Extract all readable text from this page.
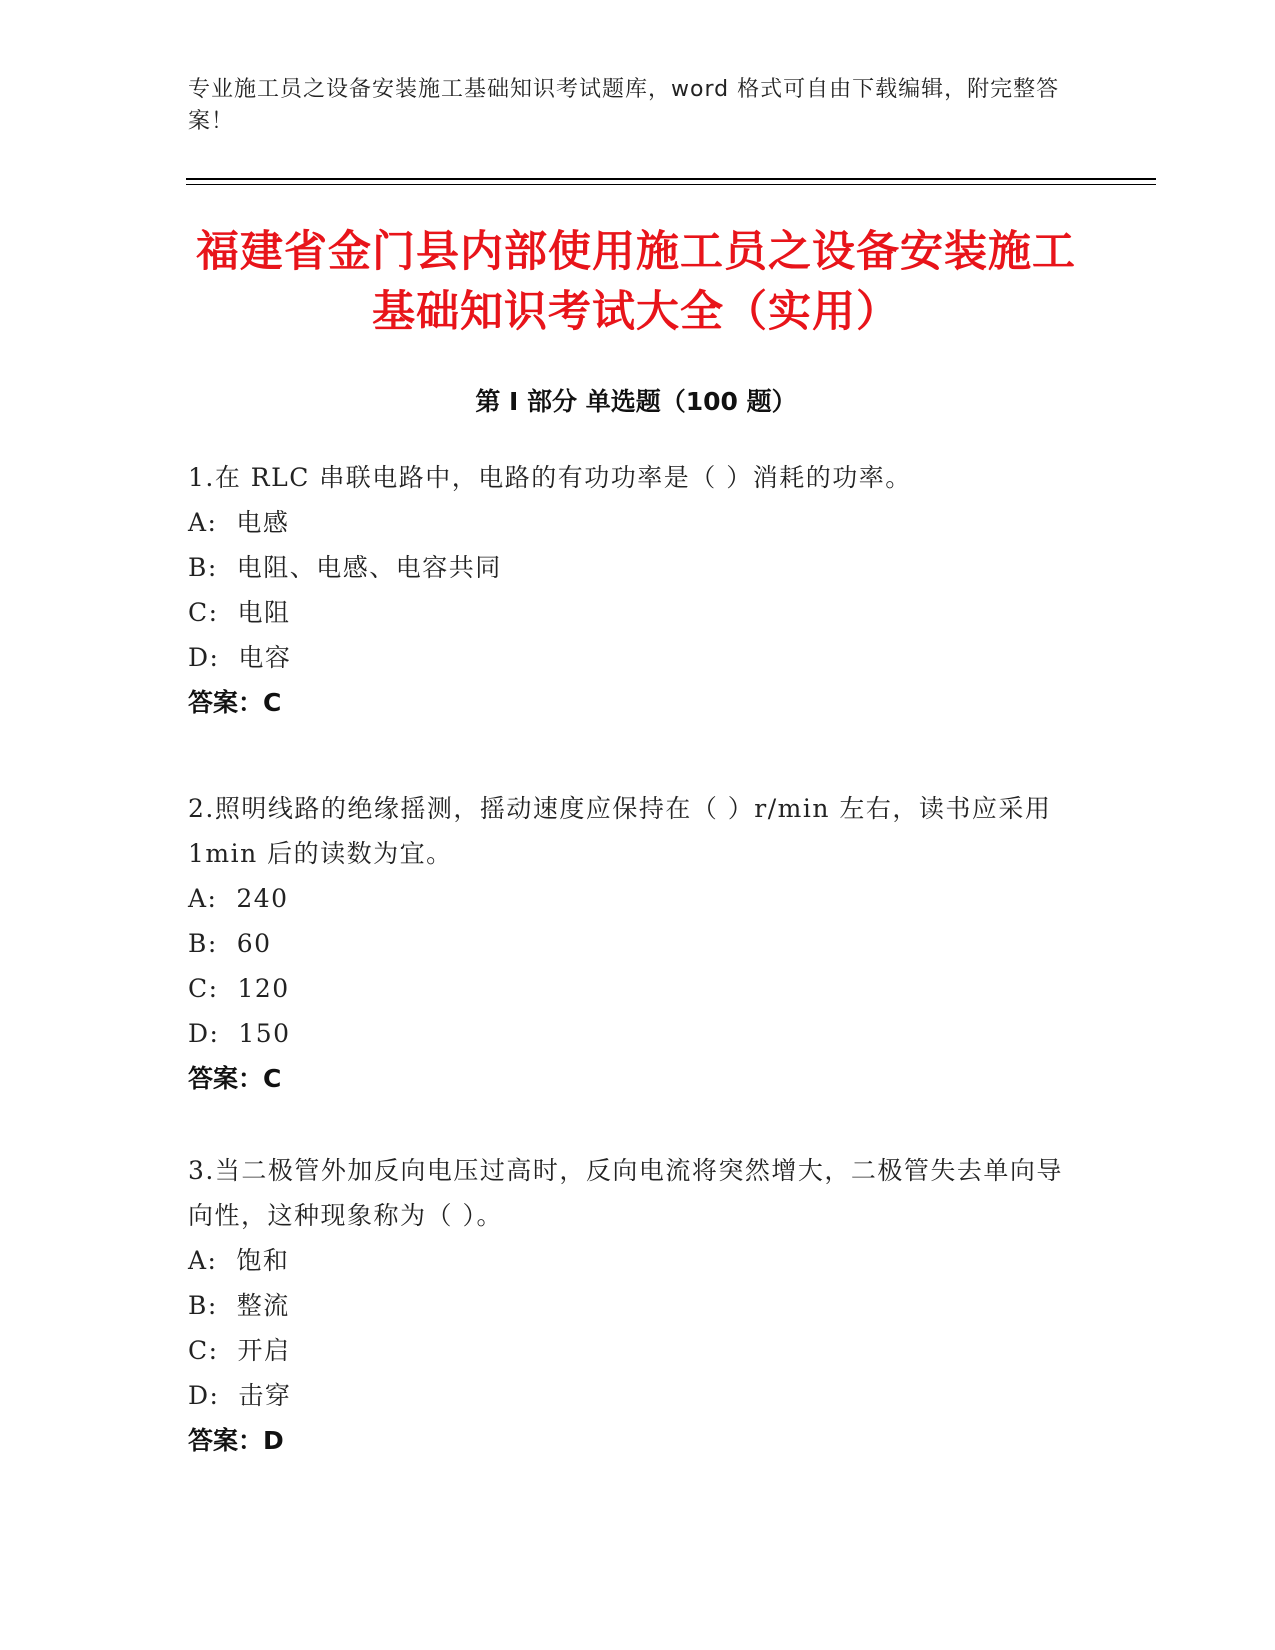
专业施工员之设备安装施工基础知识考试题库，word 格式可自由下载编辑，附完整答案！
福建省金门县内部使用施工员之设备安装施工基础知识考试大全（实用）
第 I 部分 单选题（100 题）
1.在 RLC 串联电路中，电路的有功功率是（ ）消耗的功率。
A:  电感
B:  电阻、电感、电容共同
C:  电阻
D:  电容
答案：C
2.照明线路的绝缘摇测，摇动速度应保持在（ ）r/min 左右，读书应采用 1min 后的读数为宜。
A:  240
B:  60
C:  120
D:  150
答案：C
3.当二极管外加反向电压过高时，反向电流将突然增大，二极管失去单向导向性，这种现象称为（ ）。
A:  饱和
B:  整流
C:  开启
D:  击穿
答案：D
